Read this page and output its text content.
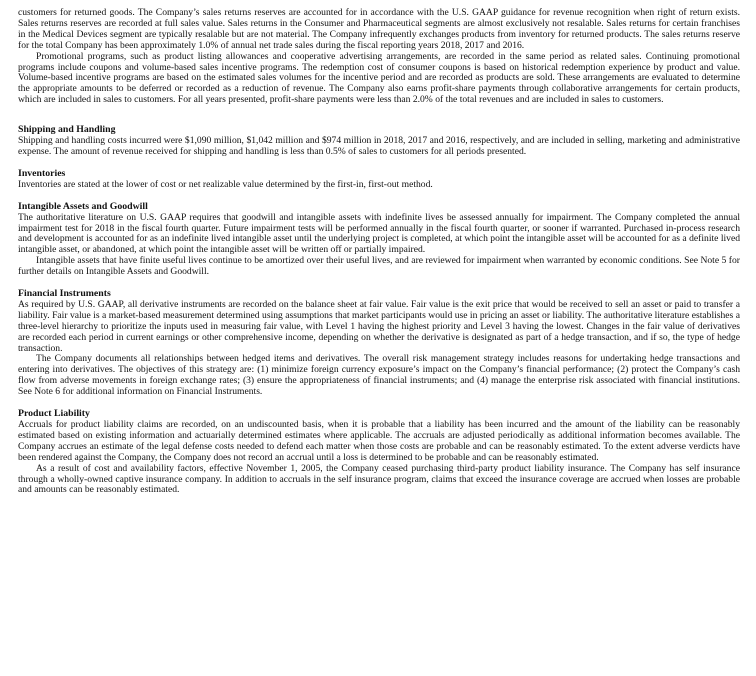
customers for returned goods. The Company’s sales returns reserves are accounted for in accordance with the U.S. GAAP guidance for revenue recognition when right of return exists. Sales returns reserves are recorded at full sales value. Sales returns in the Consumer and Pharmaceutical segments are almost exclusively not resalable. Sales returns for certain franchises in the Medical Devices segment are typically resalable but are not material. The Company infrequently exchanges products from inventory for returned products. The sales returns reserve for the total Company has been approximately 1.0% of annual net trade sales during the fiscal reporting years 2018, 2017 and 2016.

Promotional programs, such as product listing allowances and cooperative advertising arrangements, are recorded in the same period as related sales. Continuing promotional programs include coupons and volume-based sales incentive programs. The redemption cost of consumer coupons is based on historical redemption experience by product and value. Volume-based incentive programs are based on the estimated sales volumes for the incentive period and are recorded as products are sold. These arrangements are evaluated to determine the appropriate amounts to be deferred or recorded as a reduction of revenue. The Company also earns profit-share payments through collaborative arrangements for certain products, which are included in sales to customers. For all years presented, profit-share payments were less than 2.0% of the total revenues and are included in sales to customers.

Shipping and Handling

Shipping and handling costs incurred were $1,090 million, $1,042 million and $974 million in 2018, 2017 and 2016, respectively, and are included in selling, marketing and administrative expense. The amount of revenue received for shipping and handling is less than 0.5% of sales to customers for all periods presented.

Inventories

Inventories are stated at the lower of cost or net realizable value determined by the first-in, first-out method.

Intangible Assets and Goodwill

The authoritative literature on U.S. GAAP requires that goodwill and intangible assets with indefinite lives be assessed annually for impairment. The Company completed the annual impairment test for 2018 in the fiscal fourth quarter. Future impairment tests will be performed annually in the fiscal fourth quarter, or sooner if warranted. Purchased in-process research and development is accounted for as an indefinite lived intangible asset until the underlying project is completed, at which point the intangible asset will be accounted for as a definite lived intangible asset, or abandoned, at which point the intangible asset will be written off or partially impaired.

Intangible assets that have finite useful lives continue to be amortized over their useful lives, and are reviewed for impairment when warranted by economic conditions. See Note 5 for further details on Intangible Assets and Goodwill.

Financial Instruments

As required by U.S. GAAP, all derivative instruments are recorded on the balance sheet at fair value. Fair value is the exit price that would be received to sell an asset or paid to transfer a liability. Fair value is a market-based measurement determined using assumptions that market participants would use in pricing an asset or liability. The authoritative literature establishes a three-level hierarchy to prioritize the inputs used in measuring fair value, with Level 1 having the highest priority and Level 3 having the lowest. Changes in the fair value of derivatives are recorded each period in current earnings or other comprehensive income, depending on whether the derivative is designated as part of a hedge transaction, and if so, the type of hedge transaction.

The Company documents all relationships between hedged items and derivatives. The overall risk management strategy includes reasons for undertaking hedge transactions and entering into derivatives. The objectives of this strategy are: (1) minimize foreign currency exposure’s impact on the Company’s financial performance; (2) protect the Company’s cash flow from adverse movements in foreign exchange rates; (3) ensure the appropriateness of financial instruments; and (4) manage the enterprise risk associated with financial institutions. See Note 6 for additional information on Financial Instruments.

Product Liability

Accruals for product liability claims are recorded, on an undiscounted basis, when it is probable that a liability has been incurred and the amount of the liability can be reasonably estimated based on existing information and actuarially determined estimates where applicable. The accruals are adjusted periodically as additional information becomes available. The Company accrues an estimate of the legal defense costs needed to defend each matter when those costs are probable and can be reasonably estimated. To the extent adverse verdicts have been rendered against the Company, the Company does not record an accrual until a loss is determined to be probable and can be reasonably estimated.

As a result of cost and availability factors, effective November 1, 2005, the Company ceased purchasing third-party product liability insurance. The Company has self insurance through a wholly-owned captive insurance company. In addition to accruals in the self insurance program, claims that exceed the insurance coverage are accrued when losses are probable and amounts can be reasonably estimated.
